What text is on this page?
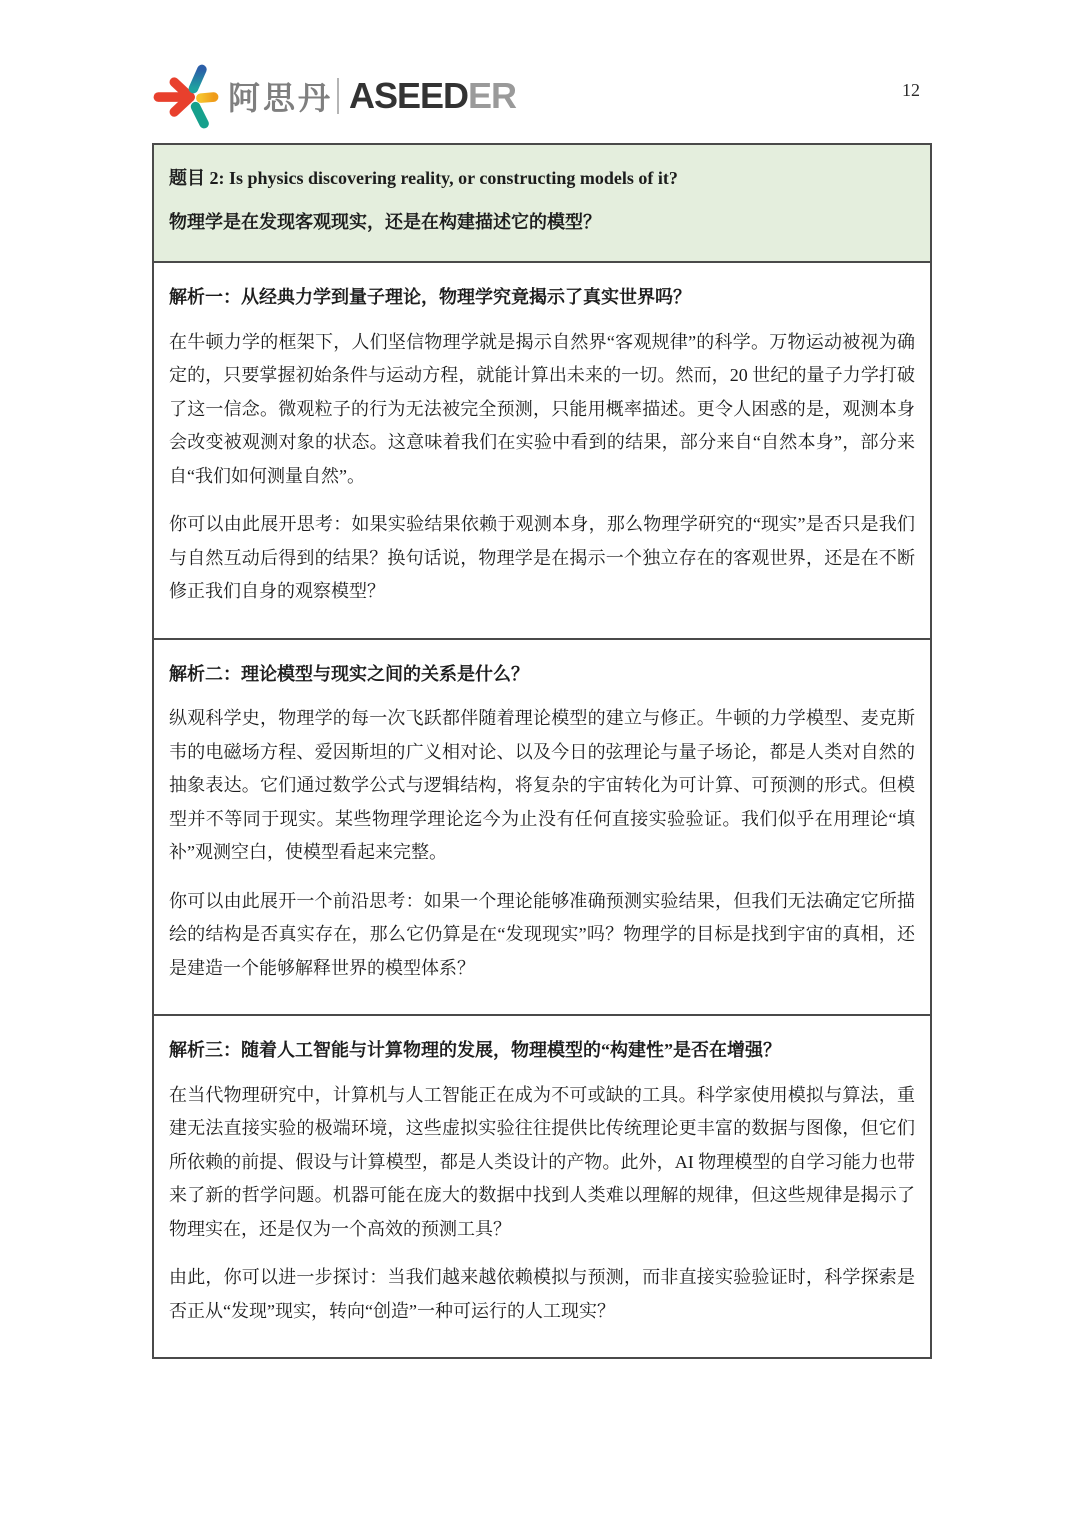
阿思丹 ASEEDER	12
题目 2: Is physics discovering reality, or constructing models of it?
物理学是在发现客观现实，还是在构建描述它的模型？
解析一：从经典力学到量子理论，物理学究竟揭示了真实世界吗？

在牛顿力学的框架下，人们坚信物理学就是揭示自然界“客观规律”的科学。万物运动被视为确定的，只要掌握初始条件与运动方程，就能计算出未来的一切。然而，20 世纪的量子力学打破了这一信念。微观粒子的行为无法被完全预测，只能用概率描述。更令人困惑的是，观测本身会改变被观测对象的状态。这意味着我们在实验中看到的结果，部分来自“自然本身”，部分来自“我们如何测量自然”。

你可以由此展开思考：如果实验结果依赖于观测本身，那么物理学研究的“现实”是否只是我们与自然互动后得到的结果？换句话说，物理学是在揭示一个独立存在的客观世界，还是在不断修正我们自身的观察模型？

解析二：理论模型与现实之间的关系是什么？

纵观科学史，物理学的每一次飞跃都伴随着理论模型的建立与修正。牛顿的力学模型、麦克斯韦的电磁场方程、爱因斯坦的广义相对论、以及今日的弦理论与量子场论，都是人类对自然的抽象表达。它们通过数学公式与逻辑结构，将复杂的宇宙转化为可计算、可预测的形式。但模型并不等同于现实。某些物理学理论迄今为止没有任何直接实验验证。我们似乎在用理论“填补”观测空白，使模型看起来完整。

你可以由此展开一个前沿思考：如果一个理论能够准确预测实验结果，但我们无法确定它所描绘的结构是否真实存在，那么它仍算是在“发现现实”吗？物理学的目标是找到宇宙的真相，还是建造一个能够解释世界的模型体系？

解析三：随着人工智能与计算物理的发展，物理模型的“构建性”是否在增强？

在当代物理研究中，计算机与人工智能正在成为不可或缺的工具。科学家使用模拟与算法，重建无法直接实验的极端环境，这些虚拟实验往往提供比传统理论更丰富的数据与图像，但它们所依赖的前提、假设与计算模型，都是人类设计的产物。此外，AI 物理模型的自学习能力也带来了新的哲学问题。机器可能在庞大的数据中找到人类难以理解的规律，但这些规律是揭示了物理实在，还是仅为一个高效的预测工具？

由此，你可以进一步探讨：当我们越来越依赖模拟与预测，而非直接实验验证时，科学探索是否正从“发现”现实，转向“创造”一种可运行的人工现实？
